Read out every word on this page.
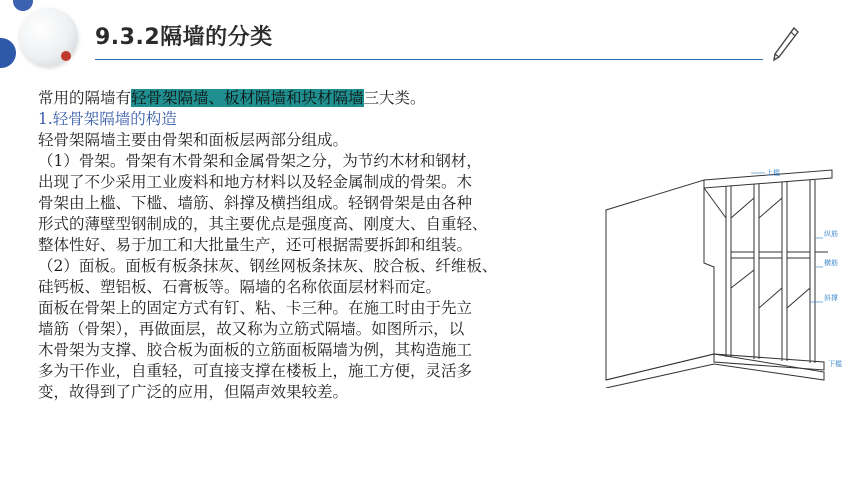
9.3.2隔墙的分类
常用的隔墙有轻骨架隔墙、板材隔墙和块材隔墙三大类。
1.轻骨架隔墙的构造
轻骨架隔墙主要由骨架和面板层两部分组成。
（1）骨架。骨架有木骨架和金属骨架之分，为节约木材和钢材，
出现了不少采用工业废料和地方材料以及轻金属制成的骨架。木
骨架由上槛、下槛、墙筋、斜撑及横挡组成。轻钢骨架是由各种
形式的薄壁型钢制成的，其主要优点是强度高、刚度大、自重轻、
整体性好、易于加工和大批量生产，还可根据需要拆卸和组装。
（2）面板。面板有板条抹灰、钢丝网板条抹灰、胶合板、纤维板、
硅钙板、塑铝板、石膏板等。隔墙的名称依面层材料而定。
面板在骨架上的固定方式有钉、粘、卡三种。在施工时由于先立
墙筋（骨架），再做面层，故又称为立筋式隔墙。如图所示，以
木骨架为支撑、胶合板为面板的立筋面板隔墙为例，其构造施工
多为干作业，自重轻，可直接支撑在楼板上，施工方便，灵活多
变，故得到了广泛的应用，但隔声效果较差。
上槛
纵筋
横筋
斜撑
下槛
